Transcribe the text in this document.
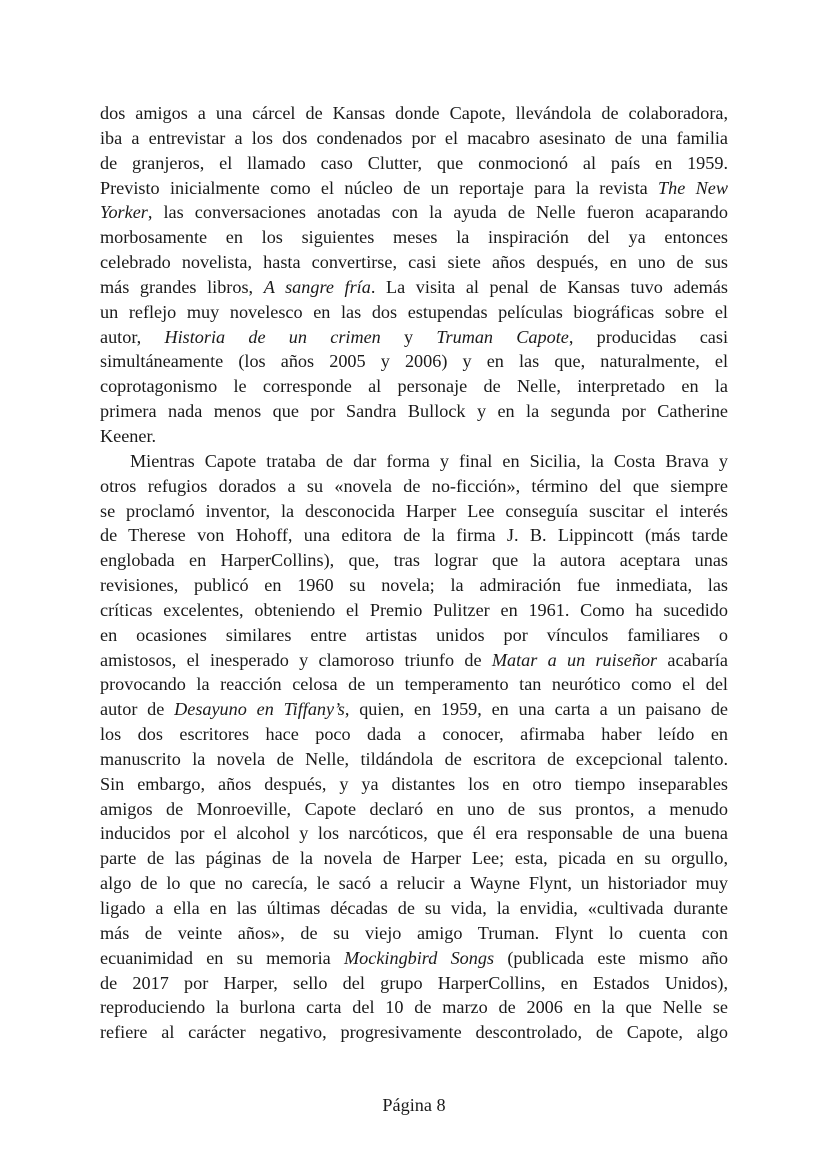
dos amigos a una cárcel de Kansas donde Capote, llevándola de colaboradora,
iba a entrevistar a los dos condenados por el macabro asesinato de una familia
de granjeros, el llamado caso Clutter, que conmocionó al país en 1959.
Previsto inicialmente como el núcleo de un reportaje para la revista The New
Yorker, las conversaciones anotadas con la ayuda de Nelle fueron acaparando
morbosamente en los siguientes meses la inspiración del ya entonces
celebrado novelista, hasta convertirse, casi siete años después, en uno de sus
más grandes libros, A sangre fría. La visita al penal de Kansas tuvo además
un reflejo muy novelesco en las dos estupendas películas biográficas sobre el
autor, Historia de un crimen y Truman Capote, producidas casi
simultáneamente (los años 2005 y 2006) y en las que, naturalmente, el
coprotagonismo le corresponde al personaje de Nelle, interpretado en la
primera nada menos que por Sandra Bullock y en la segunda por Catherine
Keener.
Mientras Capote trataba de dar forma y final en Sicilia, la Costa Brava y
otros refugios dorados a su «novela de no-ficción», término del que siempre
se proclamó inventor, la desconocida Harper Lee conseguía suscitar el interés
de Therese von Hohoff, una editora de la firma J. B. Lippincott (más tarde
englobada en HarperCollins), que, tras lograr que la autora aceptara unas
revisiones, publicó en 1960 su novela; la admiración fue inmediata, las
críticas excelentes, obteniendo el Premio Pulitzer en 1961. Como ha sucedido
en ocasiones similares entre artistas unidos por vínculos familiares o
amistosos, el inesperado y clamoroso triunfo de Matar a un ruiseñor acabaría
provocando la reacción celosa de un temperamento tan neurótico como el del
autor de Desayuno en Tiffany’s, quien, en 1959, en una carta a un paisano de
los dos escritores hace poco dada a conocer, afirmaba haber leído en
manuscrito la novela de Nelle, tildándola de escritora de excepcional talento.
Sin embargo, años después, y ya distantes los en otro tiempo inseparables
amigos de Monroeville, Capote declaró en uno de sus prontos, a menudo
inducidos por el alcohol y los narcóticos, que él era responsable de una buena
parte de las páginas de la novela de Harper Lee; esta, picada en su orgullo,
algo de lo que no carecía, le sacó a relucir a Wayne Flynt, un historiador muy
ligado a ella en las últimas décadas de su vida, la envidia, «cultivada durante
más de veinte años», de su viejo amigo Truman. Flynt lo cuenta con
ecuanimidad en su memoria Mockingbird Songs (publicada este mismo año
de 2017 por Harper, sello del grupo HarperCollins, en Estados Unidos),
reproduciendo la burlona carta del 10 de marzo de 2006 en la que Nelle se
refiere al carácter negativo, progresivamente descontrolado, de Capote, algo
Página 8
